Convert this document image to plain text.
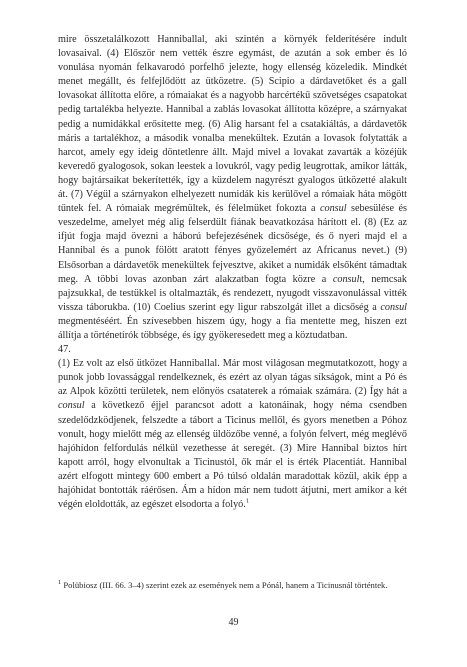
mire összetalálkozott Hanniballal, aki szintén a környék felderítésére indult lovasaival. (4) Először nem vették észre egymást, de azután a sok ember és ló vonulása nyomán felkavarodó porfelhő jelezte, hogy ellenség közeledik. Mindkét menet megállt, és felfejlődött az ütközetre. (5) Scipio a dárdavetőket és a gall lovasokat állította előre, a rómaiakat és a nagyobb harcértékű szövetséges csapatokat pedig tartalékba helyezte. Hannibal a zablás lovasokat állította középre, a szárnyakat pedig a numidákkal erősítette meg. (6) Alig harsant fel a csatakiáltás, a dárdavetők máris a tartalékhoz, a második vonalba menekültek. Ezután a lovasok folytatták a harcot, amely egy ideig döntetlenre állt. Majd mivel a lovakat zavarták a közéjük keveredő gyalogosok, sokan leestek a lovukról, vagy pedig leugrottak, amikor látták, hogy bajtársaikat bekerítették, így a küzdelem nagyrészt gyalogos ütközetté alakult át. (7) Végül a szárnyakon elhelyezett numidák kis kerülővel a rómaiak háta mögött tűntek fel. A rómaiak megrémültek, és félelmüket fokozta a consul sebesülése és veszedelme, amelyet még alig felserdült fiának beavatkozása hárított el. (8) (Ez az ifjút fogja majd övezni a háború befejezésének dicsősége, és ő nyeri majd el a Hannibal és a punok fölött aratott fényes győzelemért az Africanus nevet.) (9) Elsősorban a dárdavetők menekültek fejvesztve, akiket a numidák elsőként támadtak meg. A többi lovas azonban zárt alakzatban fogta közre a consult, nemcsak pajzsukkal, de testükkel is oltalmazták, és rendezett, nyugodt visszavonulással vitték vissza táborukba. (10) Coelius szerint egy ligur rabszolgát illet a dicsőség a consul megmentéséért. Én szívesebben hiszem úgy, hogy a fia mentette meg, hiszen ezt állítja a történetírók többsége, és így gyökeresedett meg a köztudatban.

47.

(1) Ez volt az első ütközet Hanniballal. Már most világosan megmutatkozott, hogy a punok jobb lovassággal rendelkeznek, és ezért az olyan tágas síkságok, mint a Pó és az Alpok közötti területek, nem előnyös csataterek a rómaiak számára. (2) Így hát a consul a következő éjjel parancsot adott a katonáinak, hogy néma csendben szedelődzködjenek, felszedte a tábort a Ticinus mellől, és gyors menetben a Póhoz vonult, hogy mielőtt még az ellenség üldözőbe venné, a folyón felvert, még meglévő hajóhídon felfordulás nélkül vezethesse át seregét. (3) Mire Hannibal biztos hírt kapott arról, hogy elvonultak a Ticinustól, ők már el is érték Placentiát. Hannibal azért elfogott mintegy 600 embert a Pó túlsó oldalán maradottak közül, akik épp a hajóhidat bontották ráérősen. Ám a hídon már nem tudott átjutni, mert amikor a két végén eloldották, az egészet elsodorta a folyó.$^1$

$^1$ Polübiosz (III. 66. 3–4) szerint ezek az események nem a Pónál, hanem a Ticinusnál történtek.

49
